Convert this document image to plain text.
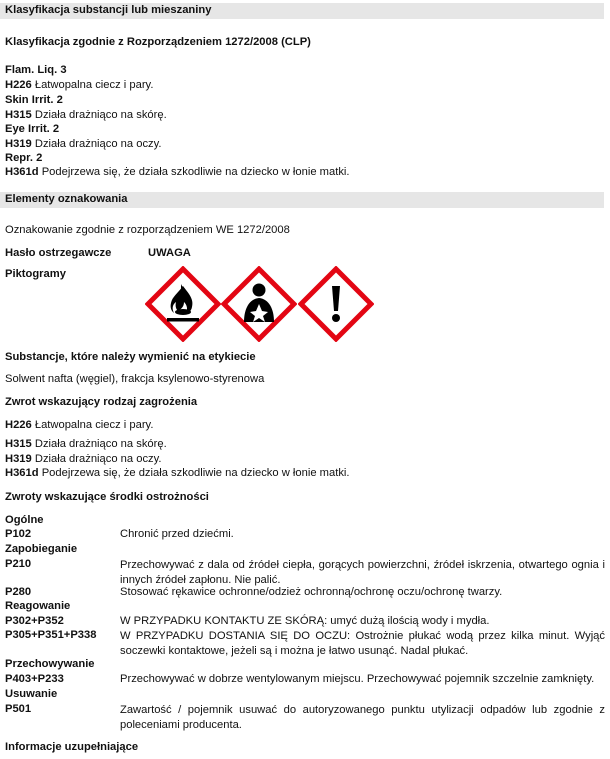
Klasyfikacja substancji lub mieszaniny
Klasyfikacja zgodnie z Rozporządzeniem 1272/2008 (CLP)
Flam. Liq. 3
H226 Łatwopalna ciecz i pary.
Skin Irrit. 2
H315 Działa drażniąco na skórę.
Eye Irrit. 2
H319 Działa drażniąco na oczy.
Repr. 2
H361d Podejrzewa się, że działa szkodliwie na dziecko w łonie matki.
Elementy oznakowania
Oznakowanie zgodnie z rozporządzeniem WE 1272/2008
Hasło ostrzegawcze	UWAGA
Piktogramy
Substancje, które należy wymienić na etykiecie
Solwent nafta (węgiel), frakcja ksylenowo-styrenowa
Zwrot wskazujący rodzaj zagrożenia
H226 Łatwopalna ciecz i pary.
H315 Działa drażniąco na skórę.
H319 Działa drażniąco na oczy.
H361d Podejrzewa się, że działa szkodliwie na dziecko w łonie matki.
Zwroty wskazujące środki ostrożności
Ogólne
P102	Chronić przed dziećmi.
Zapobieganie
P210	Przechowywać z dala od źródeł ciepła, gorących powierzchni, źródeł iskrzenia, otwartego ognia i innych źródeł zapłonu. Nie palić.
P280	Stosować rękawice ochronne/odzież ochronną/ochronę oczu/ochronę twarzy.
Reagowanie
P302+P352	W PRZYPADKU KONTAKTU ZE SKÓRĄ: umyć dużą ilością wody i mydła.
P305+P351+P338 W PRZYPADKU DOSTANIA SIĘ DO OCZU: Ostrożnie płukać wodą przez kilka minut. Wyjąć soczewki kontaktowe, jeżeli są i można je łatwo usunąć. Nadal płukać.
Przechowywanie
P403+P233	Przechowywać w dobrze wentylowanym miejscu. Przechowywać pojemnik szczelnie zamknięty.
Usuwanie
P501	Zawartość / pojemnik usuwać do autoryzowanego punktu utylizacji odpadów lub zgodnie z poleceniami producenta.
Informacje uzupełniające
